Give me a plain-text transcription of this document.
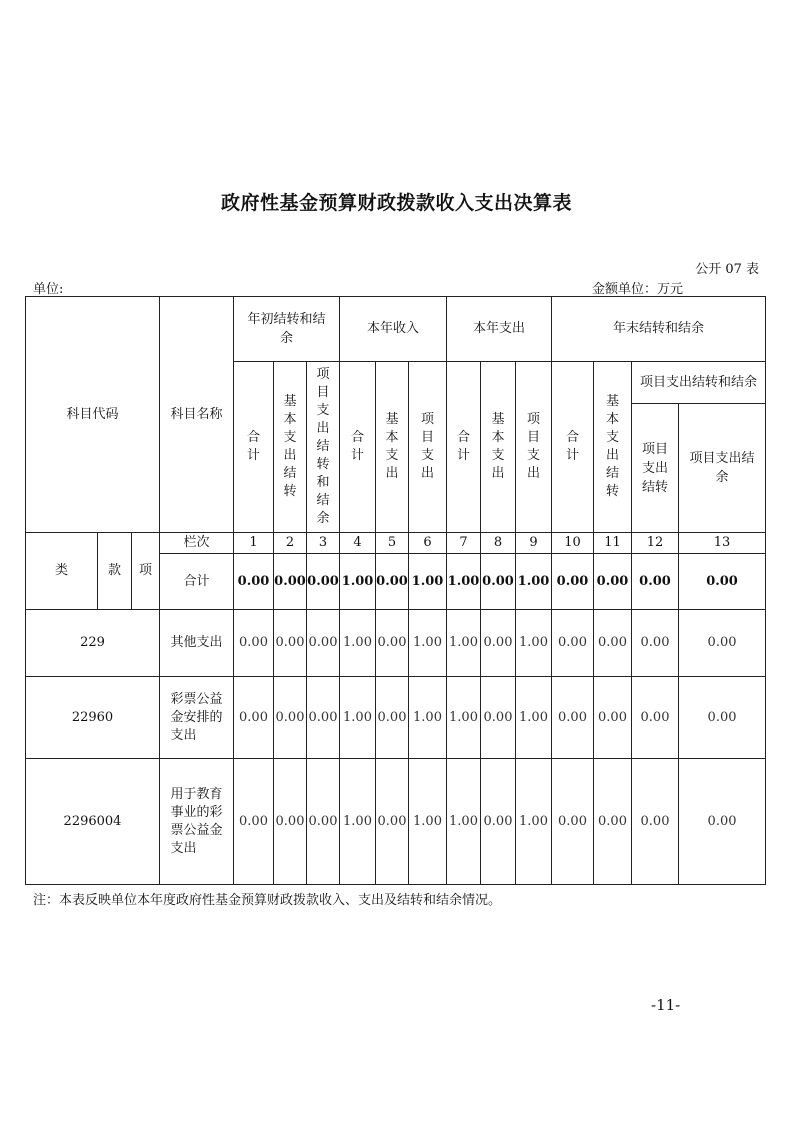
政府性基金预算财政拨款收入支出决算表
公开 07 表
单位:	金额单位：万元
科目代码			科目名称	年初结转和结余			本年收入			本年支出			年末结转和结余			
				合计	基本支出结转	项目支出结转和结余	合计	基本支出	项目支出	合计	基本支出	项目支出	合计	基本支出结转	项目支出结转和结余	
															项目支出结转	项目支出结余
类	款	项	栏次	1	2	3	4	5	6	7	8	9	10	11	12	13
			合计	0.00	0.00	0.00	1.00	0.00	1.00	1.00	0.00	1.00	0.00	0.00	0.00	0.00
229			其他支出	0.00	0.00	0.00	1.00	0.00	1.00	1.00	0.00	1.00	0.00	0.00	0.00	0.00
22960			彩票公益金安排的支出	0.00	0.00	0.00	1.00	0.00	1.00	1.00	0.00	1.00	0.00	0.00	0.00	0.00
2296004			用于教育事业的彩票公益金支出	0.00	0.00	0.00	1.00	0.00	1.00	1.00	0.00	1.00	0.00	0.00	0.00	0.00
注：本表反映单位本年度政府性基金预算财政拨款收入、支出及结转和结余情况。
-11-
